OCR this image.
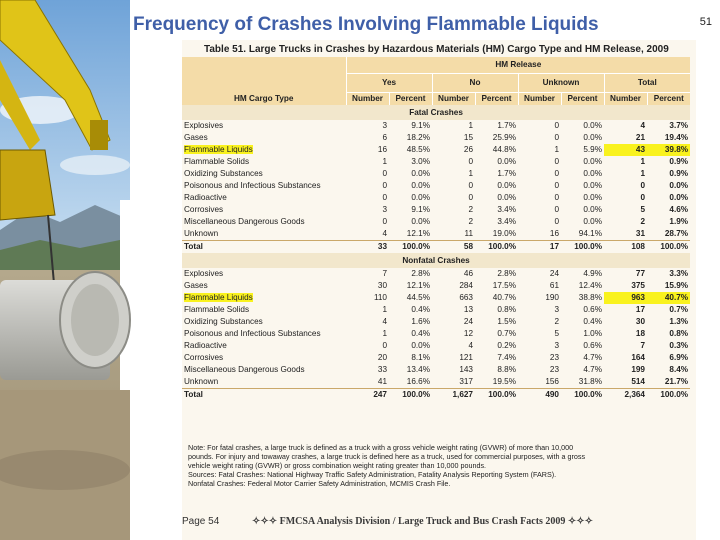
Frequency of Crashes Involving Flammable Liquids	51
Table 51. Large Trucks in Crashes by Hazardous Materials (HM) Cargo Type and HM Release, 2009
HM Cargo Type	HM Release							
	Yes		No		Unknown		Total	
	Number	Percent	Number	Percent	Number	Percent	Number	Percent
Fatal Crashes								
Explosives	3	9.1%	1	1.7%	0	0.0%	4	3.7%
Gases	6	18.2%	15	25.9%	0	0.0%	21	19.4%
Flammable Liquids	16	48.5%	26	44.8%	1	5.9%	43	39.8%
Flammable Solids	1	3.0%	0	0.0%	0	0.0%	1	0.9%
Oxidizing Substances	0	0.0%	1	1.7%	0	0.0%	1	0.9%
Poisonous and Infectious Substances	0	0.0%	0	0.0%	0	0.0%	0	0.0%
Radioactive	0	0.0%	0	0.0%	0	0.0%	0	0.0%
Corrosives	3	9.1%	2	3.4%	0	0.0%	5	4.6%
Miscellaneous Dangerous Goods	0	0.0%	2	3.4%	0	0.0%	2	1.9%
Unknown	4	12.1%	11	19.0%	16	94.1%	31	28.7%
Total	33	100.0%	58	100.0%	17	100.0%	108	100.0%
Nonfatal Crashes								
Explosives	7	2.8%	46	2.8%	24	4.9%	77	3.3%
Gases	30	12.1%	284	17.5%	61	12.4%	375	15.9%
Flammable Liquids	110	44.5%	663	40.7%	190	38.8%	963	40.7%
Flammable Solids	1	0.4%	13	0.8%	3	0.6%	17	0.7%
Oxidizing Substances	4	1.6%	24	1.5%	2	0.4%	30	1.3%
Poisonous and Infectious Substances	1	0.4%	12	0.7%	5	1.0%	18	0.8%
Radioactive	0	0.0%	4	0.2%	3	0.6%	7	0.3%
Corrosives	20	8.1%	121	7.4%	23	4.7%	164	6.9%
Miscellaneous Dangerous Goods	33	13.4%	143	8.8%	23	4.7%	199	8.4%
Unknown	41	16.6%	317	19.5%	156	31.8%	514	21.7%
Total	247	100.0%	1,627	100.0%	490	100.0%	2,364	100.0%
Note: For fatal crashes, a large truck is defined as a truck with a gross vehicle weight rating (GVWR) of more than 10,000
pounds. For injury and towaway crashes, a large truck is defined here as a truck, used for commercial purposes, with a gross
vehicle weight rating (GVWR) or gross combination weight rating greater than 10,000 pounds.
Sources: Fatal Crashes: National Highway Traffic Safety Administration, Fatality Analysis Reporting System (FARS).
Nonfatal Crashes: Federal Motor Carrier Safety Administration, MCMIS Crash File.
Page 54	✧✧✧ FMCSA Analysis Division / Large Truck and Bus Crash Facts 2009 ✧✧✧
